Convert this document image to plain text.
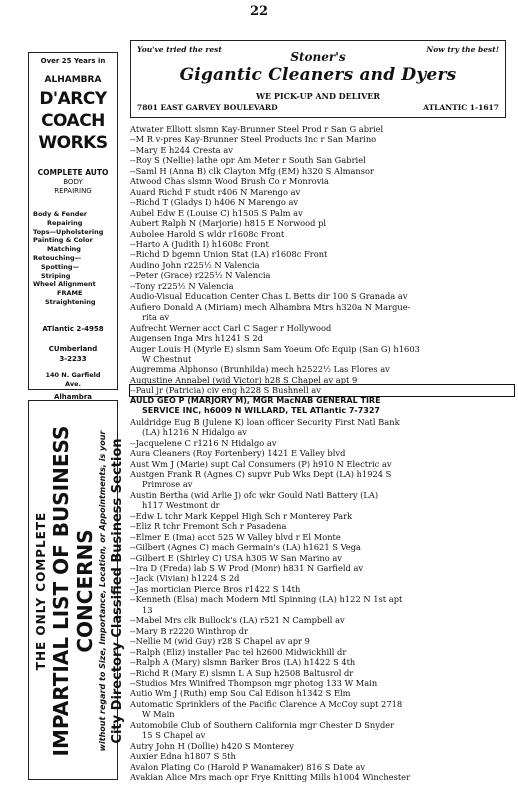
22
You've tried the rest
Stoner's
Now try the best!
Gigantic Cleaners and Dyers
WE PICK-UP AND DELIVER
7801 EAST GARVEY BOULEVARD	ATLANTIC 1-1617
Over 25 Years in
ALHAMBRA
D'ARCY
COACH
WORKS
COMPLETE AUTO
BODY
REPAIRING
Body & Fender
Repairing
Tops—Upholstering
Painting & Color
Matching
Retouching—
Spotting—
Striping
Wheel Alignment
FRAME
Straightening
ATlantic 2-4958
CUmberland
3-2233
140 N. Garfield
Ave.
Alhambra
THE ONLY COMPLETE IMPARTIAL LIST OF BUSINESS CONCERNS without regard to Size, Importance, Location, or Appointments, is your City Directory Classified Business Section
Atwater Elliott slsmn Kay-Brunner Steel Prod r San G abriel
--M R v-pres Kay-Brunner Steel Products Inc r San Marino
--Mary E h244 Cresta av
--Roy S (Nellie) lathe opr Am Meter r South San Gabriel
--Saml H (Anna B) clk Clayton Mfg (EM) h320 S Almansor
Atwood Chas slsmn Wood Brush Co r Monrovia
Auard Richd F studt r406 N Marengo av
--Richd T (Gladys I) h406 N Marengo av
Aubel Edw E (Louise C) h1505 S Palm av
Aubert Ralph N (Marjorie) h815 E Norwood pl
Aubolee Harold S wldr r1608c Front
--Harto A (Judith I) h1608c Front
--Richd D bgemn Union Stat (LA) r1608c Front
Audino John r225½ N Valencia
--Peter (Grace) r225½ N Valencia
--Tony r225½ N Valencia
Audio-Visual Education Center Chas L Betts dir 100 S Granada av
Aufiero Donald A (Miriam) mech Alhambra Mtrs h320a N Margue-
rita av
Aufrecht Werner acct Carl C Sager r Hollywood
Augensen Inga Mrs h1241 S 2d
Auger Louis H (Myrle E) slsmn Sam Yoeum Ofc Equip (San G) h1603
W Chestnut
Augremma Alphonso (Brunhilda) mech h2522½ Las Flores av
Augustine Annabel (wid Victor) h28 S Chapel av apt 9
--Paul jr (Patricia) civ eng h228 S Bushnell av
AULD GEO P (MARJORY M), MGR MacNAB GENERAL TIRE
SERVICE INC, h6009 N WILLARD, TEL ATlantic 7-7327
Auldridge Eug B (Julene K) loan officer Security First Natl Bank
(LA) h1216 N Hidalgo av
--Jacquelene C r1216 N Hidalgo av
Aura Cleaners (Roy Fortenbery) 1421 E Valley blvd
Aust Wm J (Marie) supt Cal Consumers (P) h910 N Electric av
Austgen Frank R (Agnes C) supvr Pub Wks Dept (LA) h1924 S
Primrose av
Austin Bertha (wid Arlie J) ofc wkr Gould Natl Battery (LA)
h117 Westmont dr
--Edw L tchr Mark Keppel High Sch r Monterey Park
--Eliz R tchr Fremont Sch r Pasadena
--Elmer E (Ima) acct 525 W Valley blvd r El Monte
--Gilbert (Agnes C) mach Germain's (LA) h1621 S Vega
--Gilbert E (Shirley C) USA h305 W San Marino av
--Ira D (Freda) lab S W Prod (Monr) h831 N Garfield av
--Jack (Vivian) h1224 S 2d
--Jas mortician Pierce Bros r1422 S 14th
--Kenneth (Elsa) mach Modern Mtl Spinning (LA) h122 N 1st apt
13
--Mabel Mrs clk Bullock's (LA) r521 N Campbell av
--Mary B r2220 Winthrop dr
--Nellie M (wid Guy) r28 S Chapel av apr 9
--Ralph (Eliz) installer Pac tel h2600 Midwickhill dr
--Ralph A (Mary) slsmn Barker Bros (LA) h1422 S 4th
--Richd R (Mary E) slsmn L A Sup h2508 Baltusrol dr
--Studios Mrs Winifred Thompson mgr photog 133 W Main
Autio Wm J (Ruth) emp Sou Cal Edison h1342 S Elm
Automatic Sprinklers of the Pacific Clarence A McCoy supt 2718
W Main
Automobile Club of Southern California mgr Chester D Snyder
15 S Chapel av
Autry John H (Dollie) h420 S Monterey
Auxier Edna h1807 S 5th
Avalon Plating Co (Harold P Wanamaker) 816 S Date av
Avakian Alice Mrs mach opr Frye Knitting Mills h1004 Winchester
